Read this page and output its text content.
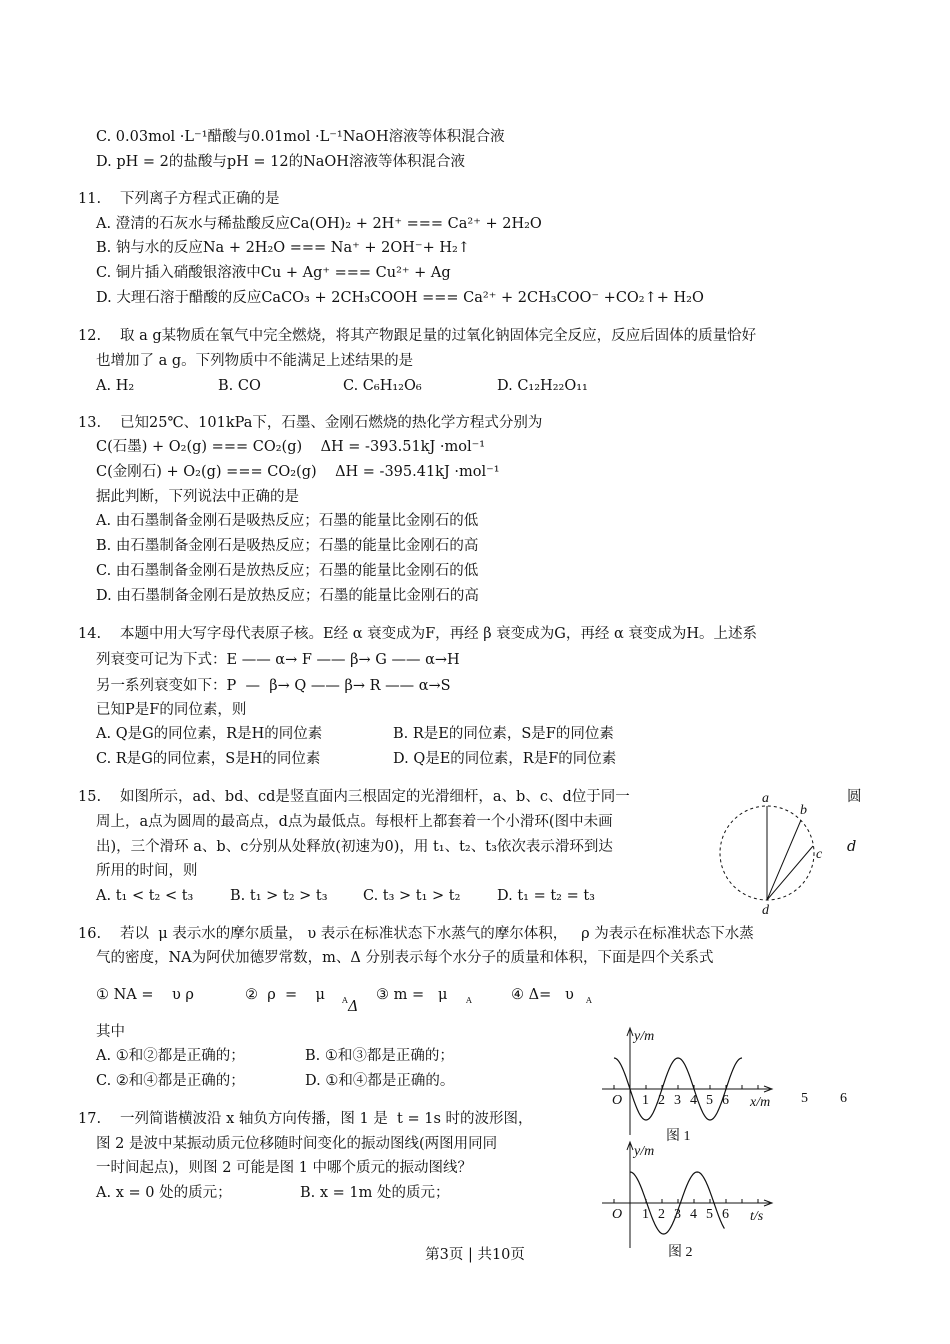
C. 0.03mol ·L⁻¹醋酸与0.01mol ·L⁻¹NaOH溶液等体积混合液
D. pH = 2的盐酸与pH = 12的NaOH溶液等体积混合液
11. 下列离子方程式正确的是
A. 澄清的石灰水与稀盐酸反应Ca(OH)₂ + 2H⁺ === Ca²⁺ + 2H₂O
B. 钠与水的反应Na + 2H₂O === Na⁺ + 2OH⁻+ H₂↑
C. 铜片插入硝酸银溶液中Cu + Ag⁺ === Cu²⁺ + Ag
D. 大理石溶于醋酸的反应CaCO₃ + 2CH₃COOH === Ca²⁺ + 2CH₃COO⁻ +CO₂↑+ H₂O
12. 取 a g某物质在氧气中完全燃烧，将其产物跟足量的过氧化钠固体完全反应，反应后固体的质量恰好
也增加了 a g。下列物质中不能满足上述结果的是
A. H₂	B. CO	C. C₆H₁₂O₆	D. C₁₂H₂₂O₁₁
13. 已知25℃、101kPa下，石墨、金刚石燃烧的热化学方程式分别为
C(石墨) + O₂(g) === CO₂(g)    ΔH = -393.51kJ ·mol⁻¹
C(金刚石) + O₂(g) === CO₂(g)    ΔH = -395.41kJ ·mol⁻¹
据此判断，下列说法中正确的是
A. 由石墨制备金刚石是吸热反应；石墨的能量比金刚石的低
B. 由石墨制备金刚石是吸热反应；石墨的能量比金刚石的高
C. 由石墨制备金刚石是放热反应；石墨的能量比金刚石的低
D. 由石墨制备金刚石是放热反应；石墨的能量比金刚石的高
14. 本题中用大写字母代表原子核。E经 α 衰变成为F，再经 β 衰变成为G，再经 α 衰变成为H。上述系
列衰变可记为下式：E —— α→ F —— β→ G —— α→H
另一系列衰变如下：P  —  β→ Q —— β→ R —— α→S
已知P是F的同位素，则
A. Q是G的同位素，R是H的同位素	B. R是E的同位素，S是F的同位素
C. R是G的同位素，S是H的同位素	D. Q是E的同位素，R是F的同位素
15. 如图所示，ad、bd、cd是竖直面内三根固定的光滑细杆，a、b、c、d位于同一	圆
周上，a点为圆周的最高点，d点为最低点。每根杆上都套着一个小滑环(图中未画
d
出)，三个滑环 a、b、c分别从处释放(初速为0)，用 t₁、t₂、t₃依次表示滑环到达
所用的时间，则
A. t₁ < t₂ < t₃	B. t₁ > t₂ > t₃ C. t₃ > t₁ > t₂	D. t₁ = t₂ = t₃
16. 若以  μ 表示水的摩尔质量， υ 表示在标准状态下水蒸气的摩尔体积，   ρ 为表示在标准状态下水蒸
气的密度，NA为阿伏加德罗常数，m、Δ 分别表示每个水分子的质量和体积，下面是四个关系式
① NA =    υ ρ	②  ρ  =    μ A Δ
③ m =   μ A	④ Δ=   υ A
其中
A. ①和②都是正确的；	B. ①和③都是正确的；
C. ②和④都是正确的；	D. ①和④都是正确的。
17. 一列简谐横波沿 x 轴负方向传播，图 1 是  t = 1s 时的波形图，
图 2 是波中某振动质元位移随时间变化的振动图线(两图用同同
一时间起点)，则图 2 可能是图 1 中哪个质元的振动图线？
A. x = 0 处的质元；	B. x = 1m 处的质元；
第3页 | 共10页
a
b
c
d
1 2 3 4 5 6
y/m
O	x/m
图 1
5 6
1 2 3 4 5 6
y/m
O	t/s
图 2
